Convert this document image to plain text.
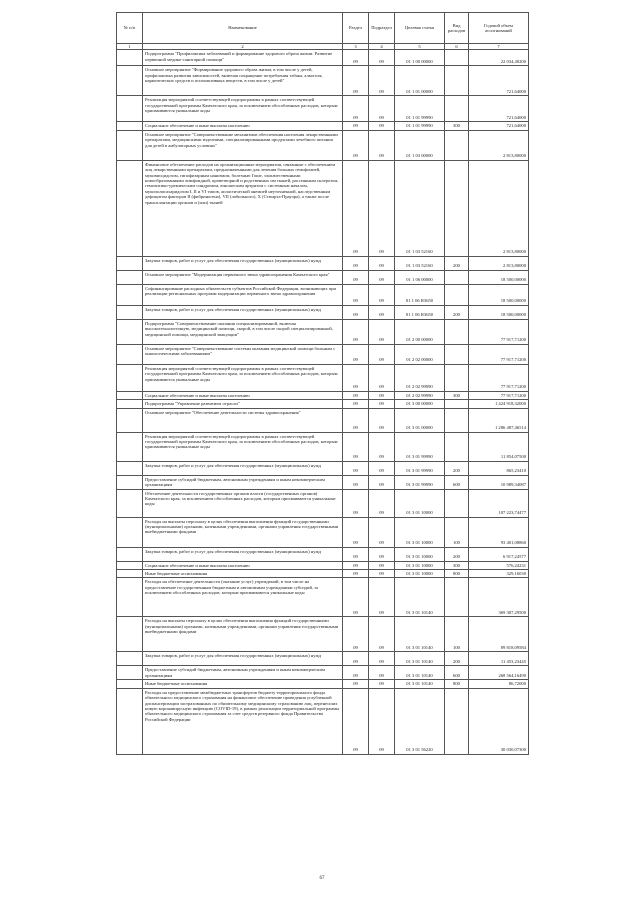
№ п/п	Наименование	Раздел	Подраздел	Целевая статья	Вид расходов	Годовой объем ассигнований
1	2	3	4	5	6	7
	Подпрограмма "Профилактика заболеваний и формирование здорового образа жизни. Развитие первичной медико-санитарной помощи"	09	09	01 1 00 00000		22 034,40200
	Основное мероприятие "Формирование здорового образа жизни, в том числе у детей, профилактика развития зависимостей, включая сокращение потребления табака, алкоголя, наркотических средств и психоактивных веществ, в том числе у детей"	09	09	01 1 01 00000		721,64000
	Реализация мероприятий соответствующей подпрограммы в рамках соответствующей государственной программы Камчатского края, за исключением обособленных расходов, которым присваиваются уникальные коды	09	09	01 1 01 99990		721,64000
	Социальное обеспечение и иные выплаты населению	09	09	01 1 01 99990	300	721,64000
	Основное мероприятие "Совершенствование механизмов обеспечения населения лекарственными препаратами, медицинскими изделиями, специализированными продуктами лечебного питания для детей в амбулаторных условиях"	09	09	01 1 03 00000		2 813,80000
	Финансовое обеспечение расходов на организационные мероприятия, связанные с обеспечением лиц лекарственными препаратами, предназначенными для лечения больных гемофилией, муковисцидозом, гипофизарным нанизмом, болезнью Гоше, злокачественными новообразованиями лимфоидной, кроветворной и родственных им тканей, рассеянным склерозом, гемолитико-уремическим синдромом, юношеским артритом с системным началом, мукополисахаридозом I, II и VI типов, апластической анемией неуточненной, наследственным дефицитом факторов II (фибриногена), VII (лабильного), X (Стюарта-Прауэра), а также после трансплантации органов и (или) тканей	09	09	01 1 03 52160		2 813,80000
	Закупка товаров, работ и услуг для обеспечения государственных (муниципальных) нужд	09	09	01 1 03 52160	200	2 813,80000
	Основное мероприятие "Модернизация первичного звена здравоохранения Камчатского края"	09	09	01 1 06 00000		18 500,00000
	Софинансирование расходных обязательств субъектов Российской Федерации, возникающих при реализации региональных программ модернизации первичного звена здравоохранения	09	09	01 1 06 R3650		18 500,00000
	Закупка товаров, работ и услуг для обеспечения государственных (муниципальных) нужд	09	09	01 1 06 R3650	200	18 500,00000
	Подпрограмма "Совершенствование оказания специализированной, включая высокотехнологичную, медицинской помощи, скорой, в том числе скорой специализированной, медицинской помощи, медицинской эвакуации"	09	09	01 2 00 00000		77 917,71200
	Основное мероприятие "Совершенствование системы оказания медицинской помощи больным с онкологическими заболеваниями"	09	09	01 2 02 00000		77 917,71200
	Реализация мероприятий соответствующей подпрограммы в рамках соответствующей государственной программы Камчатского края, за исключением обособленных расходов, которым присваиваются уникальные коды	09	09	01 2 02 99990		77 917,71200
	Социальное обеспечение и иные выплаты населению	09	09	01 2 02 99990	300	77 917,71200
	Подпрограмма "Управление развитием отрасли"	09	09	01 3 00 00000		1 424 918,32000
	Основное мероприятие "Обеспечение деятельности системы здравоохранения"	09	09	01 3 01 00000		1 286 487,46514
	Реализация мероприятий соответствующей подпрограммы в рамках соответствующей государственной программы Камчатского края, за исключением обособленных расходов, которым присваиваются уникальные коды	09	09	01 3 01 99990		11 854,07500
	Закупка товаров, работ и услуг для обеспечения государственных (муниципальных) нужд	09	09	01 3 01 99990	200	865,23410
	Предоставление субсидий бюджетным, автономным учреждениям и иным некоммерческим организациям	09	09	01 3 01 99990	600	10 989,34087
	Обеспечение деятельности государственных органов власти (государственных органов) Камчатского края, за исключением обособленных расходов, которым присваиваются уникальные коды	09	09	01 3 01 10000		107 223,74477
	Расходы на выплаты персоналу в целях обеспечения выполнения функций государственными (муниципальными) органами, казенными учреждениями, органами управления государственными внебюджетными фондами	09	09	01 3 01 10000	100	93 401,08860
	Закупка товаров, работ и услуг для обеспечения государственных (муниципальных) нужд	09	09	01 3 01 10000	200	6 917,24577
	Социальное обеспечение и иные выплаты населению	09	09	01 3 01 10000	300	576,24231
	Иные бюджетные ассигнования	09	09	01 3 01 10000	800	329,16030
	Расходы на обеспечение деятельности (оказание услуг) учреждений, в том числе на предоставление государственным бюджетным и автономным учреждениям субсидий, за исключением обособленных расходов, которым присваиваются уникальные коды	09	09	01 3 01 10140		369 307,29500
	Расходы на выплаты персоналу в целях обеспечения выполнения функций государственными (муниципальными) органами, казенными учреждениями, органами управления государственными внебюджетными фондами	09	09	01 3 01 10140	100	89 818,09584
	Закупка товаров, работ и услуг для обеспечения государственных (муниципальных) нужд	09	09	01 3 01 10140	200	11 453,23445
	Предоставление субсидий бюджетным, автономным учреждениям и иным некоммерческим организациям	09	09	01 3 01 10140	600	268 564,16490
	Иные бюджетные ассигнования	09	09	01 3 01 10140	800	86,72000
	Расходы на предоставление межбюджетных трансфертов бюджету территориального фонда обязательного медицинского страхования на финансовое обеспечение проведения углубленной диспансеризации застрахованных по обязательному медицинскому страхованию лиц, перенесших новую коронавирусную инфекцию (COVID-19), в рамках реализации территориальной программы обязательного медицинского страхования за счет средств резервного фонда Правительства Российской Федерации	09	09	01 3 01 56220		30 030,07300
67
